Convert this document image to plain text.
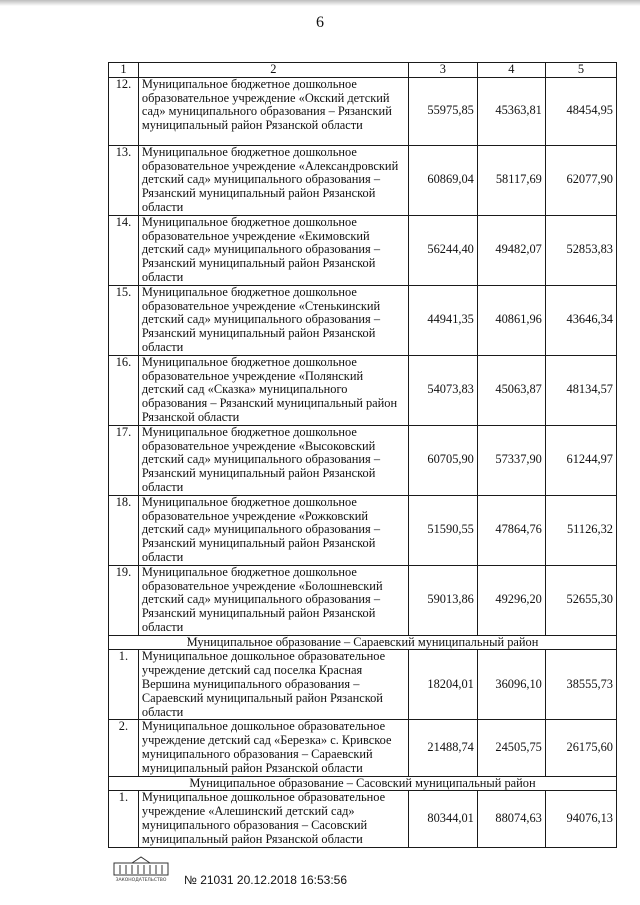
6
1	2	3	4	5
12.	Муниципальное бюджетное дошкольное образовательное учреждение «Окский детский сад» муниципального образования – Рязанский муниципальный район Рязанской области	55975,85	45363,81	48454,95
13.	Муниципальное бюджетное дошкольное образовательное учреждение «Александровский детский сад» муниципального образования – Рязанский муниципальный район Рязанской области	60869,04	58117,69	62077,90
14.	Муниципальное бюджетное дошкольное образовательное учреждение «Екимовский детский сад» муниципального образования – Рязанский муниципальный район Рязанской области	56244,40	49482,07	52853,83
15.	Муниципальное бюджетное дошкольное образовательное учреждение «Стенькинский детский сад» муниципального образования – Рязанский муниципальный район Рязанской области	44941,35	40861,96	43646,34
16.	Муниципальное бюджетное дошкольное образовательное учреждение «Полянский детский сад «Сказка» муниципального образования – Рязанский муниципальный район Рязанской области	54073,83	45063,87	48134,57
17.	Муниципальное бюджетное дошкольное образовательное учреждение «Высоковский детский сад» муниципального образования – Рязанский муниципальный район Рязанской области	60705,90	57337,90	61244,97
18.	Муниципальное бюджетное дошкольное образовательное учреждение «Рожковский детский сад» муниципального образования – Рязанский муниципальный район Рязанской области	51590,55	47864,76	51126,32
19.	Муниципальное бюджетное дошкольное образовательное учреждение «Болошневский детский сад» муниципального образования – Рязанский муниципальный район Рязанской области	59013,86	49296,20	52655,30
Муниципальное образование – Сараевский муниципальный район				
1.	Муниципальное дошкольное образовательное учреждение детский сад поселка Красная Вершина муниципального образования – Сараевский муниципальный район Рязанской области	18204,01	36096,10	38555,73
2.	Муниципальное дошкольное образовательное учреждение детский сад «Березка» с. Кривское муниципального образования – Сараевский муниципальный район Рязанской области	21488,74	24505,75	26175,60
Муниципальное образование – Сасовский муниципальный район				
1.	Муниципальное дошкольное образовательное учреждение «Алешинский детский сад» муниципального образования – Сасовский муниципальный район Рязанской области	80344,01	88074,63	94076,13
ЗАКОНОДАТЕЛЬСТВО № 21031 20.12.2018 16:53:56
